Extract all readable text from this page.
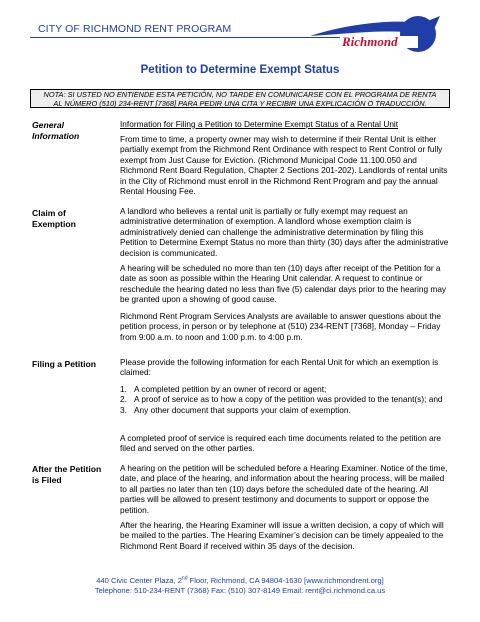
CITY OF RICHMOND RENT PROGRAM	City of
Richmond
Petition to Determine Exempt Status
NOTA: SI USTED NO ENTIENDE ESTA PETICIÓN, NO TARDE EN COMUNICARSE CON EL PROGRAMA DE RENTA
AL NÚMERO (510) 234-RENT [7368] PARA PEDIR UNA CITA Y RECIBIR UNA EXPLICACIÓN O TRADUCCIÓN.
General
Information
Information for Filing a Petition to Determine Exempt Status of a Rental Unit
From time to time, a property owner may wish to determine if their Rental Unit is either partially exempt from the Richmond Rent Ordinance with respect to Rent Control or fully exempt from Just Cause for Eviction. (Richmond Municipal Code 11.100.050 and Richmond Rent Board Regulation, Chapter 2 Sections 201-202). Landlords of rental units in the City of Richmond must enroll in the Richmond Rent Program and pay the annual Rental Housing Fee.
Claim of
Exemption
A landlord who believes a rental unit is partially or fully exempt may request an administrative determination of exemption. A landlord whose exemption claim is administratively denied can challenge the administrative determination by filing this Petition to Determine Exempt Status no more than thirty (30) days after the administrative decision is communicated.
A hearing will be scheduled no more than ten (10) days after receipt of the Petition for a date as soon as possible within the Hearing Unit calendar. A request to continue or reschedule the hearing dated no less than five (5) calendar days prior to the hearing may be granted upon a showing of good cause.
Richmond Rent Program Services Analysts are available to answer questions about the petition process, in person or by telephone at (510) 234-RENT [7368], Monday – Friday from 9:00 a.m. to noon and 1:00 p.m. to 4:00 p.m.
Filing a Petition	Please provide the following information for each Rental Unit for which an exemption is claimed:
1. A completed petition by an owner of record or agent;
2. A proof of service as to how a copy of the petition was provided to the tenant(s); and
3. Any other document that supports your claim of exemption.
A completed proof of service is required each time documents related to the petition are filed and served on the other parties.
After the Petition
is Filed
A hearing on the petition will be scheduled before a Hearing Examiner. Notice of the time, date, and place of the hearing, and information about the hearing process, will be mailed to all parties no later than ten (10) days before the scheduled date of the hearing. All parties will be allowed to present testimony and documents to support or oppose the petition.
After the hearing, the Hearing Examiner will issue a written decision, a copy of which will be mailed to the parties. The Hearing Examiner’s decision can be timely appealed to the Richmond Rent Board if received within 35 days of the decision.
440 Civic Center Plaza, 2nd Floor, Richmond, CA 94804-1630 [www.richmondrent.org]
Telephone: 510-234-RENT (7368) Fax: (510) 307-8149 Email: rent@ci.richmond.ca.us
